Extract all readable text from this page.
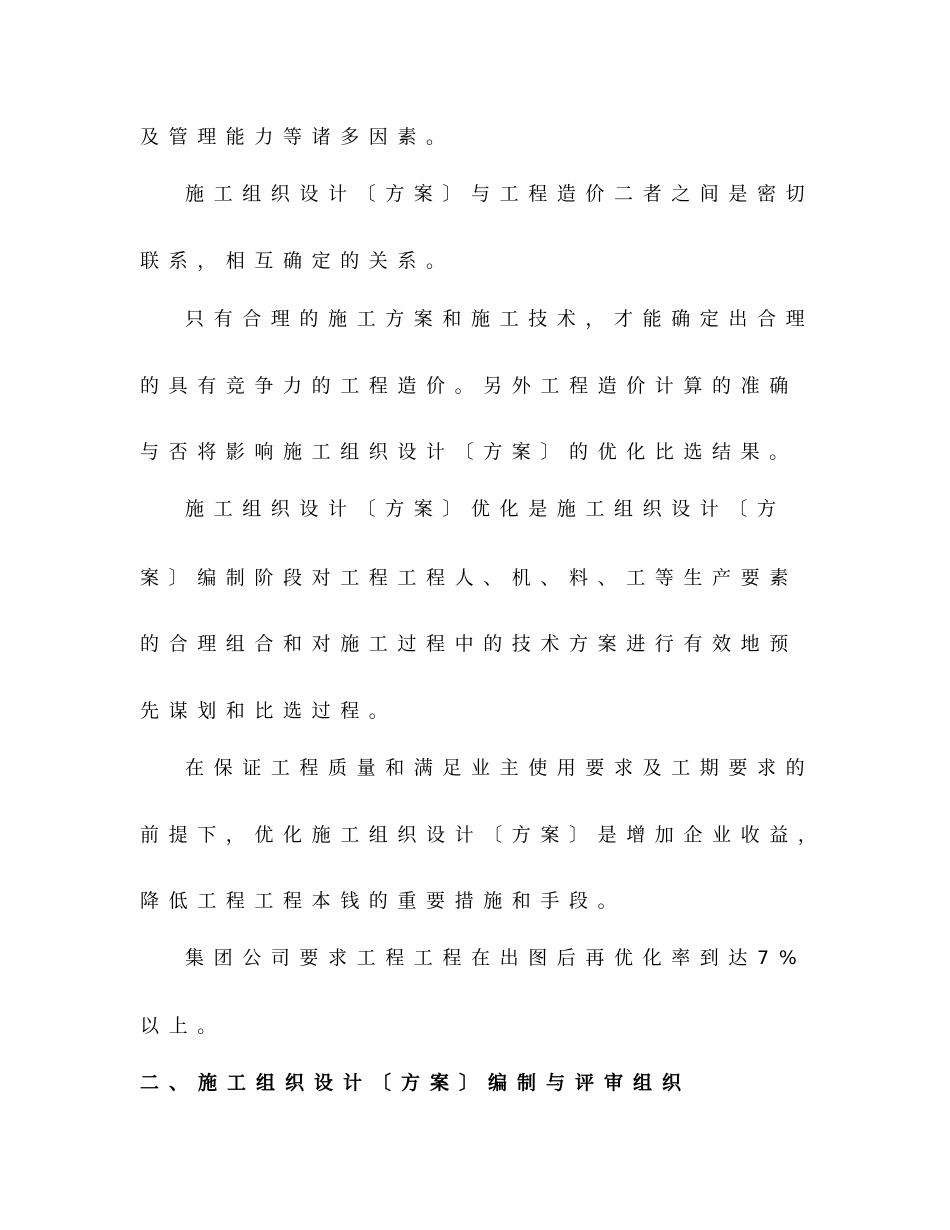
及管理能力等诸多因素。
施工组织设计〔方案〕与工程造价二者之间是密切
联系，相互确定的关系。
只有合理的施工方案和施工技术，才能确定出合理
的具有竞争力的工程造价。另外工程造价计算的准确
与否将影响施工组织设计〔方案〕的优化比选结果。
施工组织设计〔方案〕优化是施工组织设计〔方
案〕编制阶段对工程工程人、机、料、工等生产要素
的合理组合和对施工过程中的技术方案进行有效地预
先谋划和比选过程。
在保证工程质量和满足业主使用要求及工期要求的
前提下，优化施工组织设计〔方案〕是增加企业收益，
降低工程工程本钱的重要措施和手段。
集团公司要求工程工程在出图后再优化率到达7%
以上。
二、施工组织设计〔方案〕编制与评审组织
